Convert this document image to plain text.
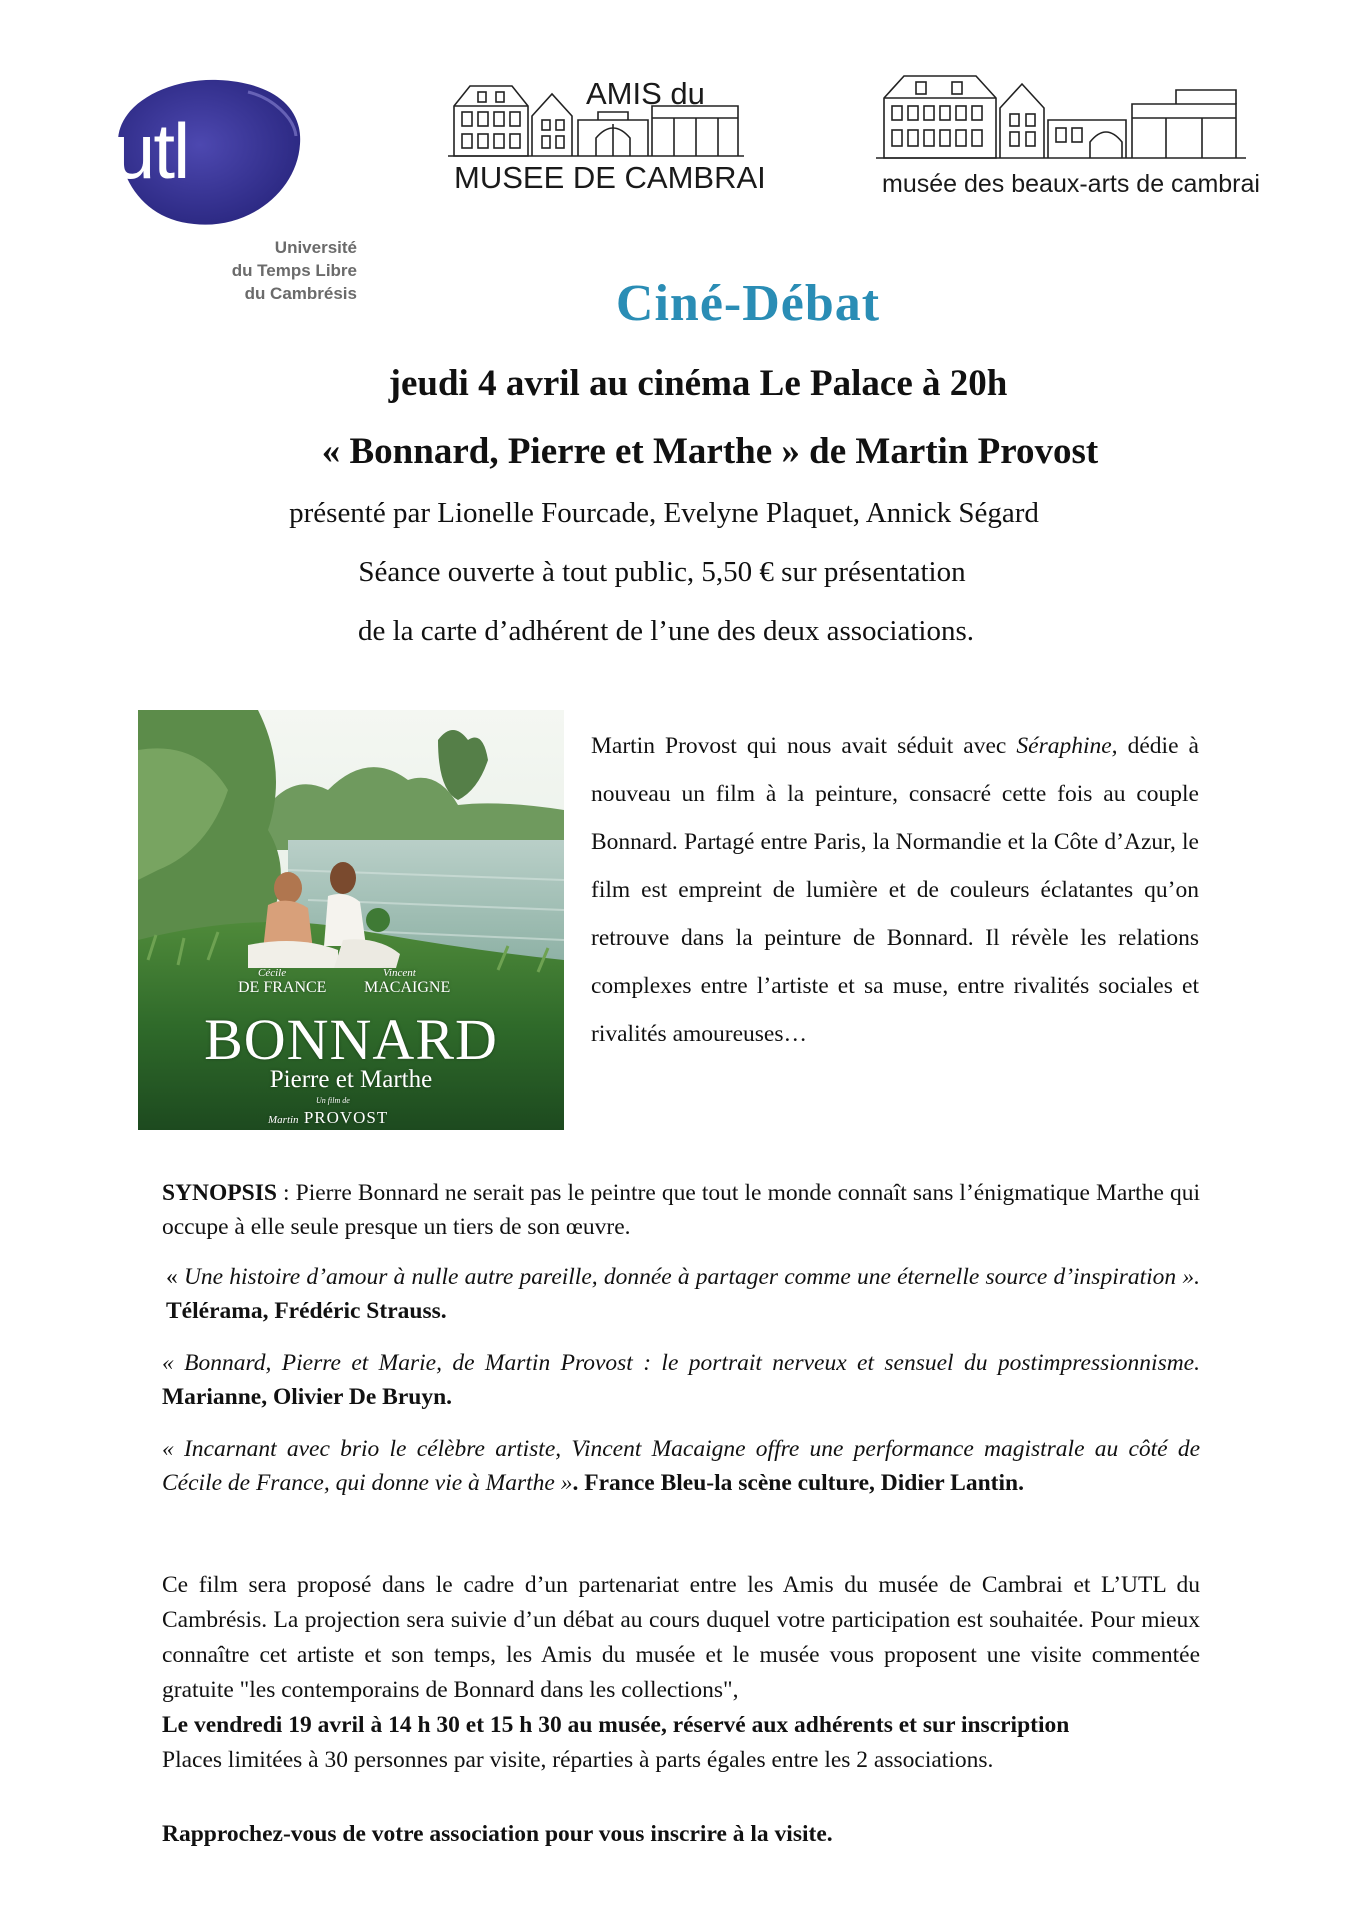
utl
Université
du Temps Libre
du Cambrésis
AMIS du
MUSEE DE CAMBRAI	musée des beaux-arts de cambrai
Ciné-Débat
jeudi 4 avril au cinéma Le Palace à 20h
« Bonnard, Pierre et Marthe » de Martin Provost
présenté par Lionelle Fourcade, Evelyne Plaquet, Annick Ségard
Séance ouverte à tout public, 5,50 € sur présentation
de la carte d’adhérent de l’une des deux associations.
Cécile
DE FRANCE
Vincent
MACAIGNE
BONNARD
Pierre et Marthe
Martin PROVOST
Un film de
Martin Provost qui nous avait séduit avec Séraphine, dédie à nouveau un film à la peinture, consacré cette fois au couple Bonnard. Partagé entre Paris, la Normandie et la Côte d’Azur, le film est empreint de lumière et de couleurs éclatantes qu’on retrouve dans la peinture de Bonnard. Il révèle les relations complexes entre l’artiste et sa muse, entre rivalités sociales et rivalités amoureuses…
SYNOPSIS : Pierre Bonnard ne serait pas le peintre que tout le monde connaît sans l’énigmatique Marthe qui occupe à elle seule presque un tiers de son œuvre.
« Une histoire d’amour à nulle autre pareille, donnée à partager comme une éternelle source d’inspiration ». Télérama, Frédéric Strauss.
« Bonnard, Pierre et Marie, de Martin Provost : le portrait nerveux et sensuel du postimpressionnisme. Marianne, Olivier De Bruyn.
« Incarnant avec brio le célèbre artiste, Vincent Macaigne offre une performance magistrale au côté de Cécile de France, qui donne vie à Marthe ». France Bleu-la scène culture, Didier Lantin.
Ce film sera proposé dans le cadre d’un partenariat entre les Amis du musée de Cambrai et L’UTL du Cambrésis. La projection sera suivie d’un débat au cours duquel votre participation est souhaitée. Pour mieux connaître cet artiste et son temps, les Amis du musée et le musée vous proposent une visite commentée gratuite "les contemporains de Bonnard dans les collections",
Le vendredi 19 avril à 14 h 30 et 15 h 30 au musée, réservé aux adhérents et sur inscription
Places limitées à 30 personnes par visite, réparties à parts égales entre les 2 associations.
Rapprochez-vous de votre association pour vous inscrire à la visite.
